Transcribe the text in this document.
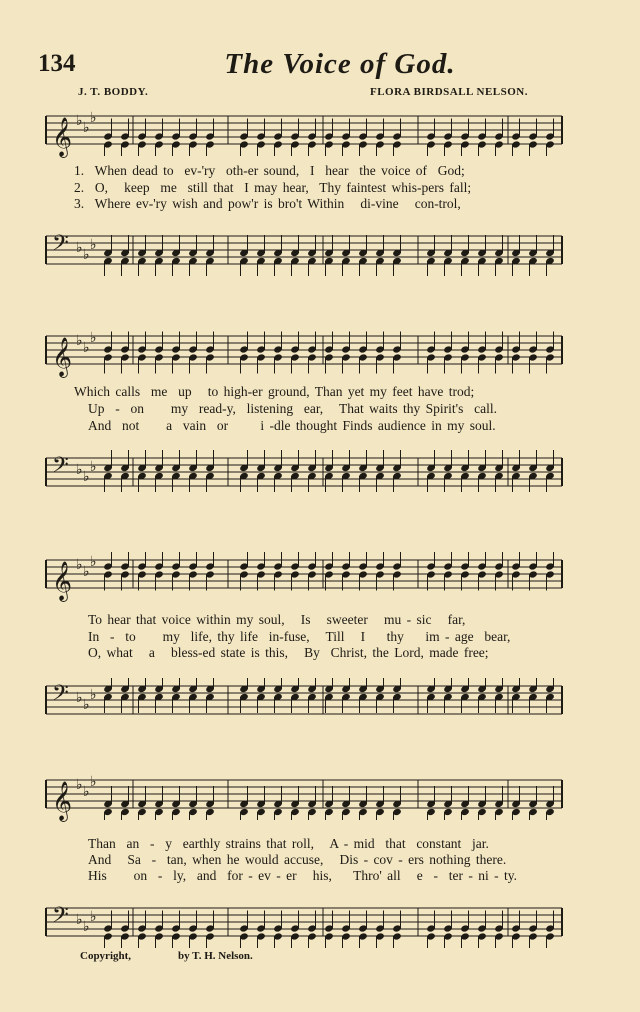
134	The Voice of God.
J. T. BODDY.	FLORA BIRDSALL NELSON.
𝄞 ♭ ♭
♭
1.  When dead to  ev-'ry  oth-er sound,  I  hear  the voice of  God;
2.  O,   keep  me  still that  I may hear,  Thy faintest whis-pers fall;
3.  Where ev-'ry wish and pow'r is bro't Within   di-vine   con-trol,
𝄢 ♭ ♭
♭
𝄞 ♭ ♭
♭
Which calls  me  up   to high-er ground, Than yet my feet have trod;
Up  -  on     my  read-y,  listening  ear,   That waits thy Spirit's  call.
And  not     a  vain  or      i -dle thought Finds audience in my soul.
𝄢 ♭ ♭
♭
𝄞 ♭ ♭
♭
To hear that voice within my soul,   Is   sweeter   mu - sic   far,
In  -  to     my  life, thy life  in-fuse,   Till   I    thy    im - age  bear,
O, what   a   bless-ed state is this,   By  Christ, the Lord, made free;
𝄢 ♭ ♭
♭
𝄞 ♭ ♭
♭
Than  an  -  y  earthly strains that roll,   A - mid  that  constant  jar.
And   Sa  -  tan, when he would accuse,   Dis - cov - ers nothing there.
His     on  -  ly,  and  for - ev - er   his,    Thro' all   e  -  ter - ni - ty.
𝄢 ♭ ♭
♭
Copyright,	by T. H. Nelson.
